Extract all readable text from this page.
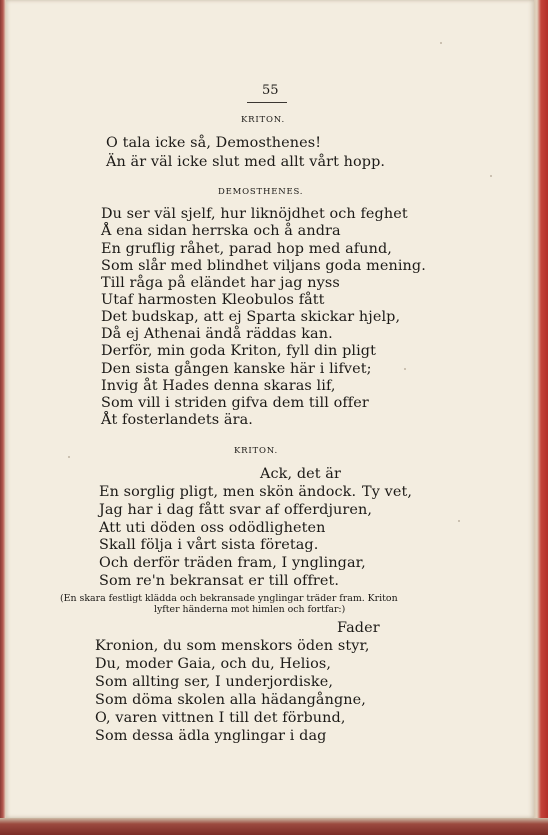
55
KRITON.
O tala icke så, Demosthenes!
Än är väl icke slut med allt vårt hopp.
DEMOSTHENES.
Du ser väl sjelf, hur liknöjdhet och feghet
Å ena sidan herrska och å andra
En gruflig råhet, parad hop med afund,
Som slår med blindhet viljans goda mening.
Till råga på eländet har jag nyss
Utaf harmosten Kleobulos fått
Det budskap, att ej Sparta skickar hjelp,
Då ej Athenai ändå räddas kan.
Derför, min goda Kriton, fyll din pligt
Den sista gången kanske här i lifvet;
Invig åt Hades denna skaras lif,
Som vill i striden gifva dem till offer
Åt fosterlandets ära.
KRITON.
Ack, det är
En sorglig pligt, men skön ändock. Ty vet,
Jag har i dag fått svar af offerdjuren,
Att uti döden oss odödligheten
Skall följa i vårt sista företag.
Och derför träden fram, I ynglingar,
Som re'n bekransat er till offret.
(En skara festligt klädda och bekransade ynglingar träder fram. Kriton
lyfter händerna mot himlen och fortfar:)
Fader
Kronion, du som menskors öden styr,
Du, moder Gaia, och du, Helios,
Som allting ser, I underjordiske,
Som döma skolen alla hädangångne,
O, varen vittnen I till det förbund,
Som dessa ädla ynglingar i dag
